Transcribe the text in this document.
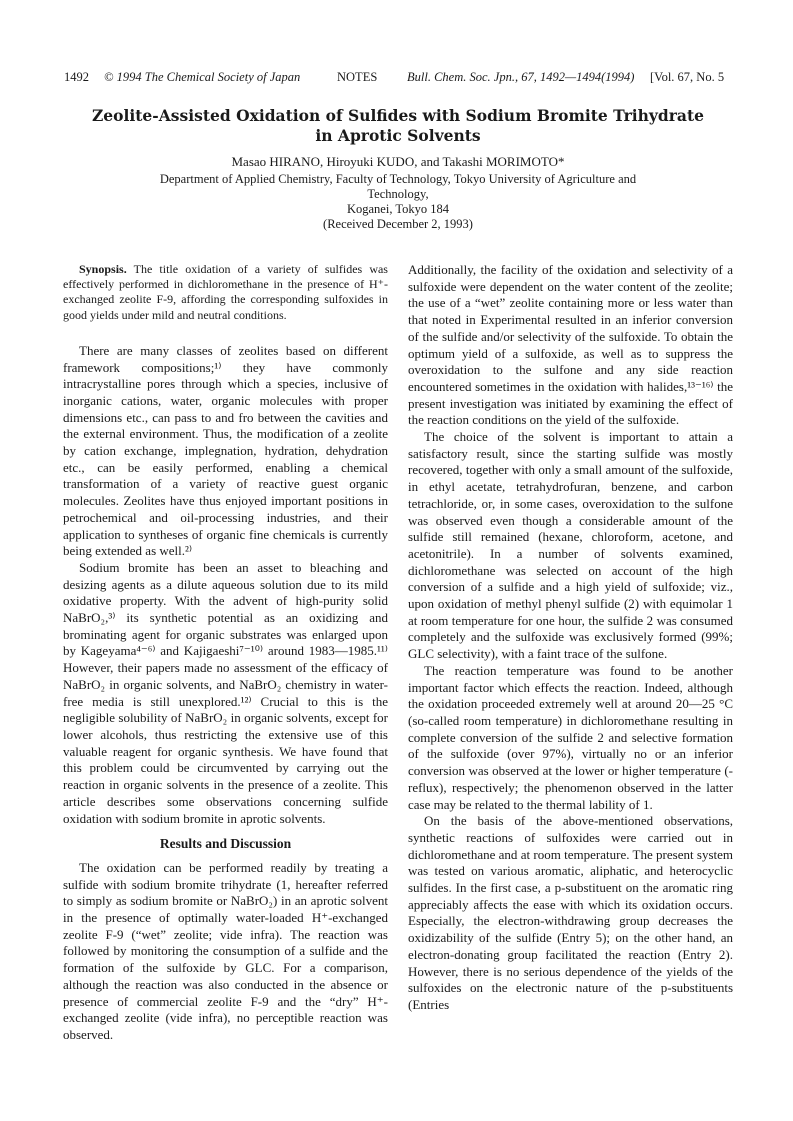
1492 © 1994 The Chemical Society of Japan	NOTES Bull. Chem. Soc. Jpn., 67, 1492—1494(1994) [Vol. 67, No. 5
Zeolite-Assisted Oxidation of Sulfides with Sodium Bromite Trihydrate
in Aprotic Solvents
Masao HIRANO, Hiroyuki KUDO, and Takashi MORIMOTO*
Department of Applied Chemistry, Faculty of Technology, Tokyo University of Agriculture and Technology,
Koganei, Tokyo 184
(Received December 2, 1993)

Synopsis. The title oxidation of a variety of sulfides was effectively performed in dichloromethane in the presence of H⁺-exchanged zeolite F-9, affording the corresponding sulfoxides in good yields under mild and neutral conditions.

There are many classes of zeolites based on different framework compositions;¹⁾ they have commonly intracrystalline pores through which a species, inclusive of inorganic cations, water, organic molecules with proper dimensions etc., can pass to and fro between the cavities and the external environment. Thus, the modification of a zeolite by cation exchange, implegnation, hydration, dehydration etc., can be easily performed, enabling a chemical transformation of a variety of reactive guest organic molecules. Zeolites have thus enjoyed important positions in petrochemical and oil-processing industries, and their application to syntheses of organic fine chemicals is currently being extended as well.²⁾

Sodium bromite has been an asset to bleaching and desizing agents as a dilute aqueous solution due to its mild oxidative property. With the advent of high-purity solid NaBrO₂,³⁾ its synthetic potential as an oxidizing and brominating agent for organic substrates was enlarged upon by Kageyama⁴⁻⁶⁾ and Kajigaeshi⁷⁻¹⁰⁾ around 1983—1985.¹¹⁾ However, their papers made no assessment of the efficacy of NaBrO₂ in organic solvents, and NaBrO₂ chemistry in water-free media is still unexplored.¹²⁾ Crucial to this is the negligible solubility of NaBrO₂ in organic solvents, except for lower alcohols, thus restricting the extensive use of this valuable reagent for organic synthesis. We have found that this problem could be circumvented by carrying out the reaction in organic solvents in the presence of a zeolite. This article describes some observations concerning sulfide oxidation with sodium bromite in aprotic solvents.

Results and Discussion

The oxidation can be performed readily by treating a sulfide with sodium bromite trihydrate (1, hereafter referred to simply as sodium bromite or NaBrO₂) in an aprotic solvent in the presence of optimally water-loaded H⁺-exchanged zeolite F-9 (“wet” zeolite; vide infra). The reaction was followed by monitoring the consumption of a sulfide and the formation of the sulfoxide by GLC. For a comparison, although the reaction was also conducted in the absence or presence of commercial zeolite F-9 and the “dry” H⁺-exchanged zeolite (vide infra), no perceptible reaction was observed.

Additionally, the facility of the oxidation and selectivity of a sulfoxide were dependent on the water content of the zeolite; the use of a “wet” zeolite containing more or less water than that noted in Experimental resulted in an inferior conversion of the sulfide and/or selectivity of the sulfoxide. To obtain the optimum yield of a sulfoxide, as well as to suppress the overoxidation to the sulfone and any side reaction encountered sometimes in the oxidation with halides,¹³⁻¹⁶⁾ the present investigation was initiated by examining the effect of the reaction conditions on the yield of the sulfoxide.

The choice of the solvent is important to attain a satisfactory result, since the starting sulfide was mostly recovered, together with only a small amount of the sulfoxide, in ethyl acetate, tetrahydrofuran, benzene, and carbon tetrachloride, or, in some cases, overoxidation to the sulfone was observed even though a considerable amount of the sulfide still remained (hexane, chloroform, acetone, and acetonitrile). In a number of solvents examined, dichloromethane was selected on account of the high conversion of a sulfide and a high yield of sulfoxide; viz., upon oxidation of methyl phenyl sulfide (2) with equimolar 1 at room temperature for one hour, the sulfide 2 was consumed completely and the sulfoxide was exclusively formed (99%; GLC selectivity), with a faint trace of the sulfone.

The reaction temperature was found to be another important factor which effects the reaction. Indeed, although the oxidation proceeded extremely well at around 20—25 °C (so-called room temperature) in dichloromethane resulting in complete conversion of the sulfide 2 and selective formation of the sulfoxide (over 97%), virtually no or an inferior conversion was observed at the lower or higher temperature (-reflux), respectively; the phenomenon observed in the latter case may be related to the thermal lability of 1.

On the basis of the above-mentioned observations, synthetic reactions of sulfoxides were carried out in dichloromethane and at room temperature. The present system was tested on various aromatic, aliphatic, and heterocyclic sulfides. In the first case, a p-substituent on the aromatic ring appreciably affects the ease with which its oxidation occurs. Especially, the electron-withdrawing group decreases the oxidizability of the sulfide (Entry 5); on the other hand, an electron-donating group facilitated the reaction (Entry 2). However, there is no serious dependence of the yields of the sulfoxides on the electronic nature of the p-substituents (Entries
